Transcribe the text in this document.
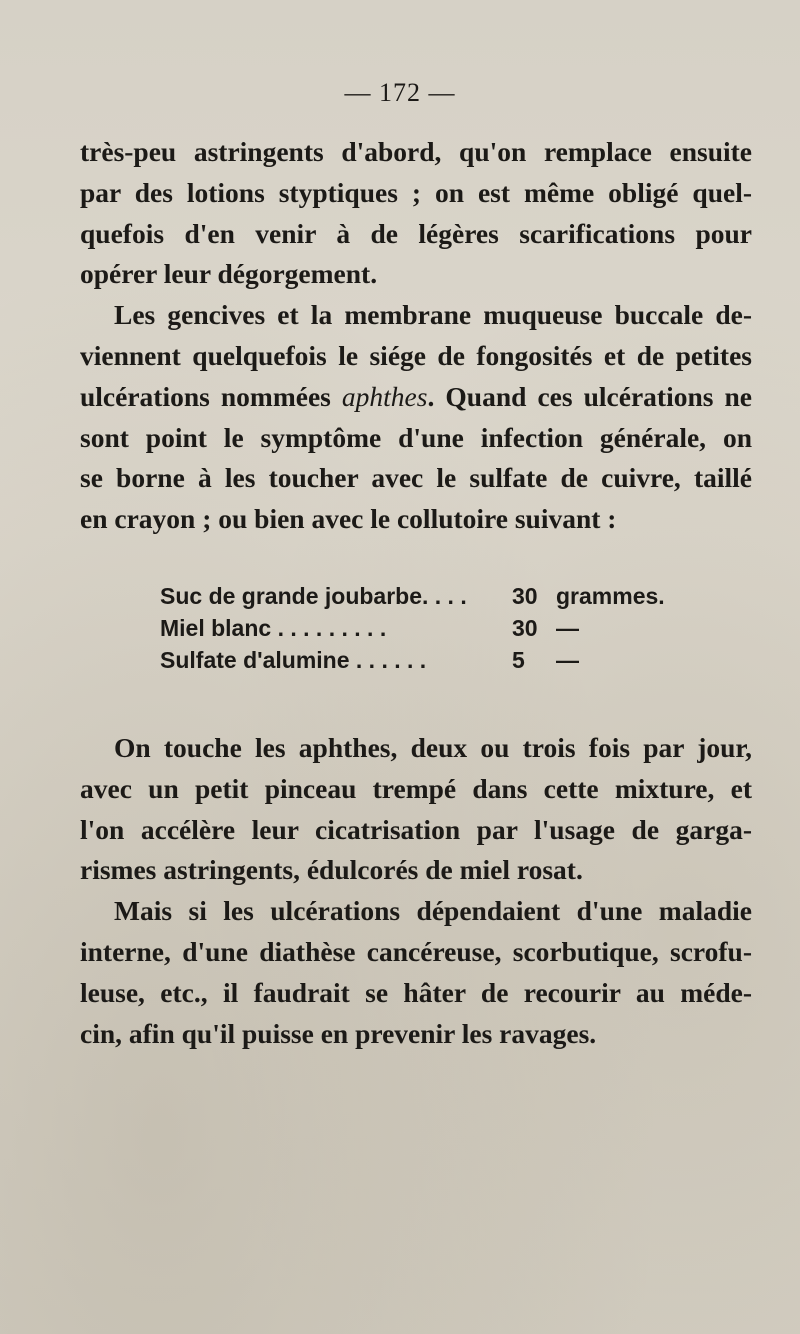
— 172 —

très-peu astringents d'abord, qu'on remplace ensuite
par des lotions styptiques ; on est même obligé quel-
quefois d'en venir à de légères scarifications pour
opérer leur dégorgement.

Les gencives et la membrane muqueuse buccale de-
viennent quelquefois le siége de fongosités et de petites
ulcérations nommées aphthes. Quand ces ulcérations ne
sont point le symptôme d'une infection générale, on
se borne à les toucher avec le sulfate de cuivre, taillé
en crayon ; ou bien avec le collutoire suivant :

Suc de grande joubarbe. . . .	30 grammes.
Miel blanc . . . . . . . . .	30 —
Sulfate d'alumine . . . . . .	5	—

On touche les aphthes, deux ou trois fois par jour,
avec un petit pinceau trempé dans cette mixture, et
l'on accélère leur cicatrisation par l'usage de garga-
rismes astringents, édulcorés de miel rosat.

Mais si les ulcérations dépendaient d'une maladie
interne, d'une diathèse cancéreuse, scorbutique, scrofu-
leuse, etc., il faudrait se hâter de recourir au méde-
cin, afin qu'il puisse en prevenir les ravages.
